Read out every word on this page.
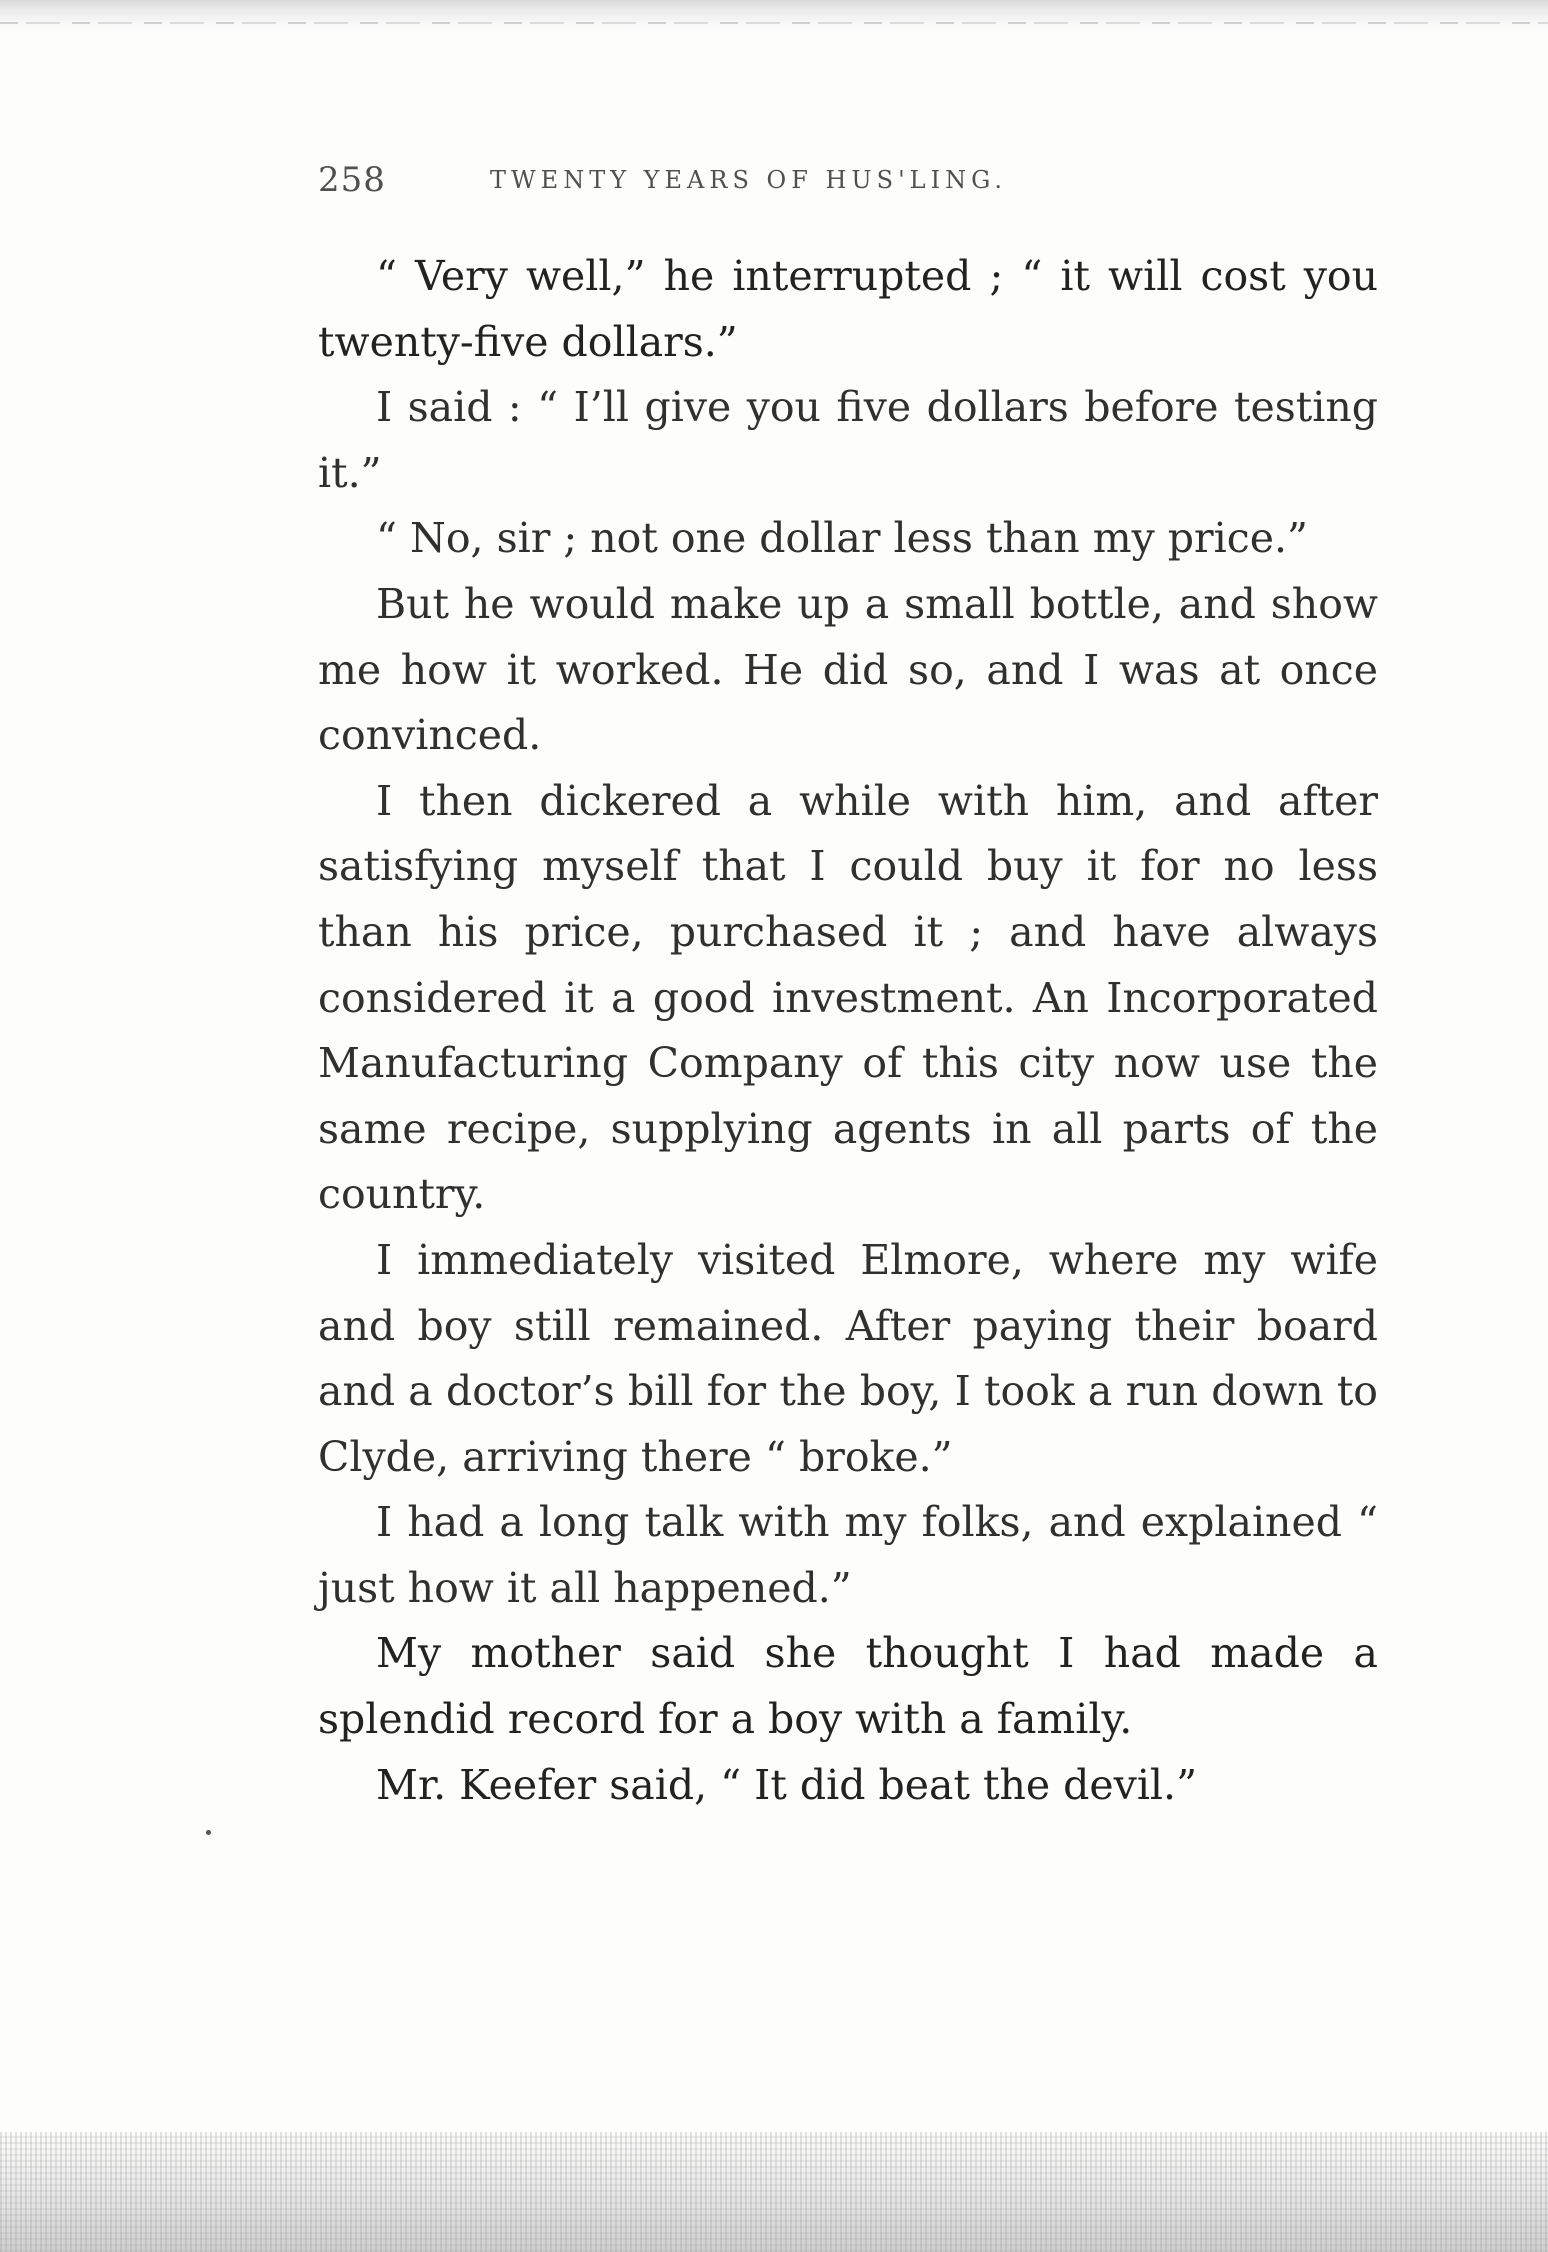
258	TWENTY YEARS OF HUS'LING.

“ Very well,” he interrupted ; “ it will cost you twenty-five dollars.”

I said : “ I’ll give you five dollars before testing it.”

“ No, sir ; not one dollar less than my price.”

But he would make up a small bottle, and show me how it worked. He did so, and I was at once convinced.

I then dickered a while with him, and after satisfying myself that I could buy it for no less than his price, purchased it ; and have always considered it a good investment. An Incorporated Manufacturing Company of this city now use the same recipe, supplying agents in all parts of the country.

I immediately visited Elmore, where my wife and boy still remained. After paying their board and a doctor’s bill for the boy, I took a run down to Clyde, arriving there “ broke.”

I had a long talk with my folks, and explained “ just how it all happened.”

My mother said she thought I had made a splendid record for a boy with a family.

Mr. Keefer said, “ It did beat the devil.”
